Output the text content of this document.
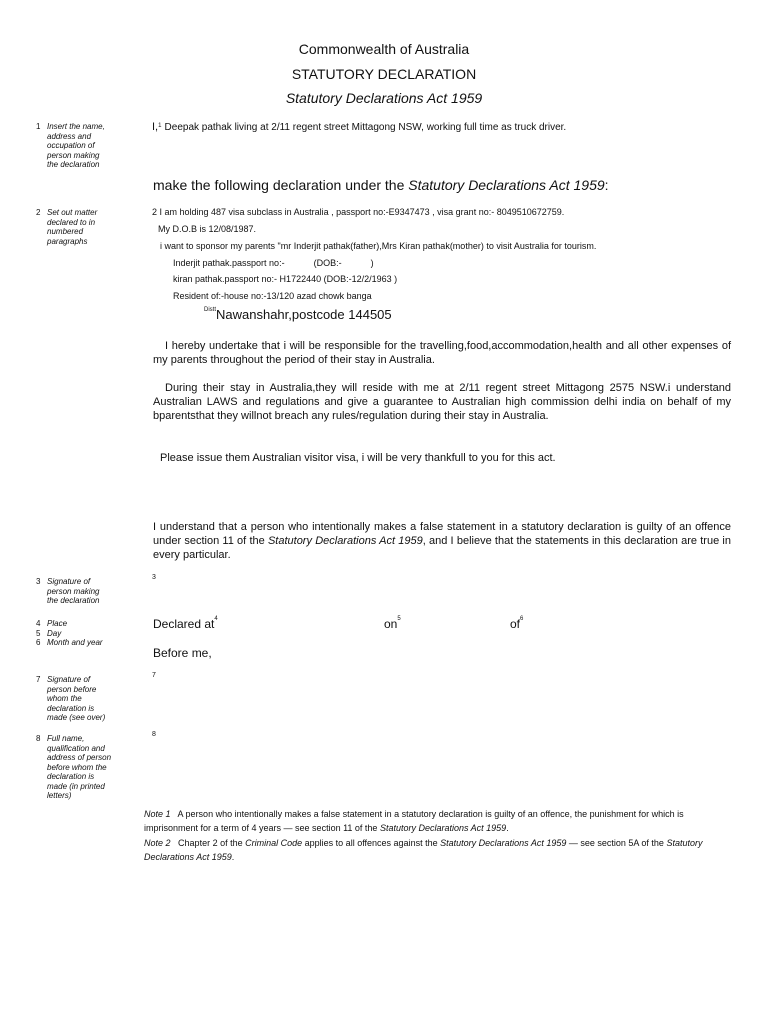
Commonwealth of Australia
STATUTORY DECLARATION
Statutory Declarations Act 1959
1 Insert the name,
address and
occupation of
person making
the declaration
I,$^1$ Deepak pathak living at 2/11 regent street Mittagong NSW, working full time as truck driver.
make the following declaration under the Statutory Declarations Act 1959:
2 Set out matter
declared to in
numbered
paragraphs
2 I am holding 487 visa subclass in Australia , passport no:-E9347473 , visa grant no:- 8049510672759.
My D.O.B is 12/08/1987.
i want to sponsor my parents "mr Inderjit pathak(father),Mrs Kiran pathak(mother) to visit Australia for tourism.
Inderjit pathak.passport no:-	(DOB:-	)
kiran pathak.passport no:- H1722440 (DOB:-12/2/1963 )
Resident of:-house no:-13/120 azad chowk banga
$^{Distt}$Nawanshahr,postcode 144505
I hereby undertake that i will be responsible for the travelling,food,accommodation,health and all other expenses of my parents throughout the period of their stay in Australia.
During their stay in Australia,they will reside with me at 2/11 regent street Mittagong 2575 NSW.i understand Australian LAWS and regulations and give a guarantee to Australian high commission delhi india on behalf of my bparentsthat they willnot breach any rules/regulation during their stay in Australia.
Please issue them Australian visitor visa, i will be very thankfull to you for this act.
I understand that a person who intentionally makes a false statement in a statutory declaration is guilty of an offence under section 11 of the Statutory Declarations Act 1959, and I believe that the statements in this declaration are true in every particular.
3 Signature of
person making
the declaration
3
4 Place
5 Day
6 Month and year
Declared $at^4$	$on^5$	$of^6$
Before me,
7 Signature of
person before
whom the
declaration is
made (see over)
7
8 Full name,
qualification and
address of person
before whom the
declaration is
made (in printed
letters)
8
Note 1 A person who intentionally makes a false statement in a statutory declaration is guilty of an offence, the punishment for which is imprisonment for a term of 4 years — see section 11 of the Statutory Declarations Act 1959.
Note 2 Chapter 2 of the Criminal Code applies to all offences against the Statutory Declarations Act 1959 — see section 5A of the Statutory Declarations Act 1959.
